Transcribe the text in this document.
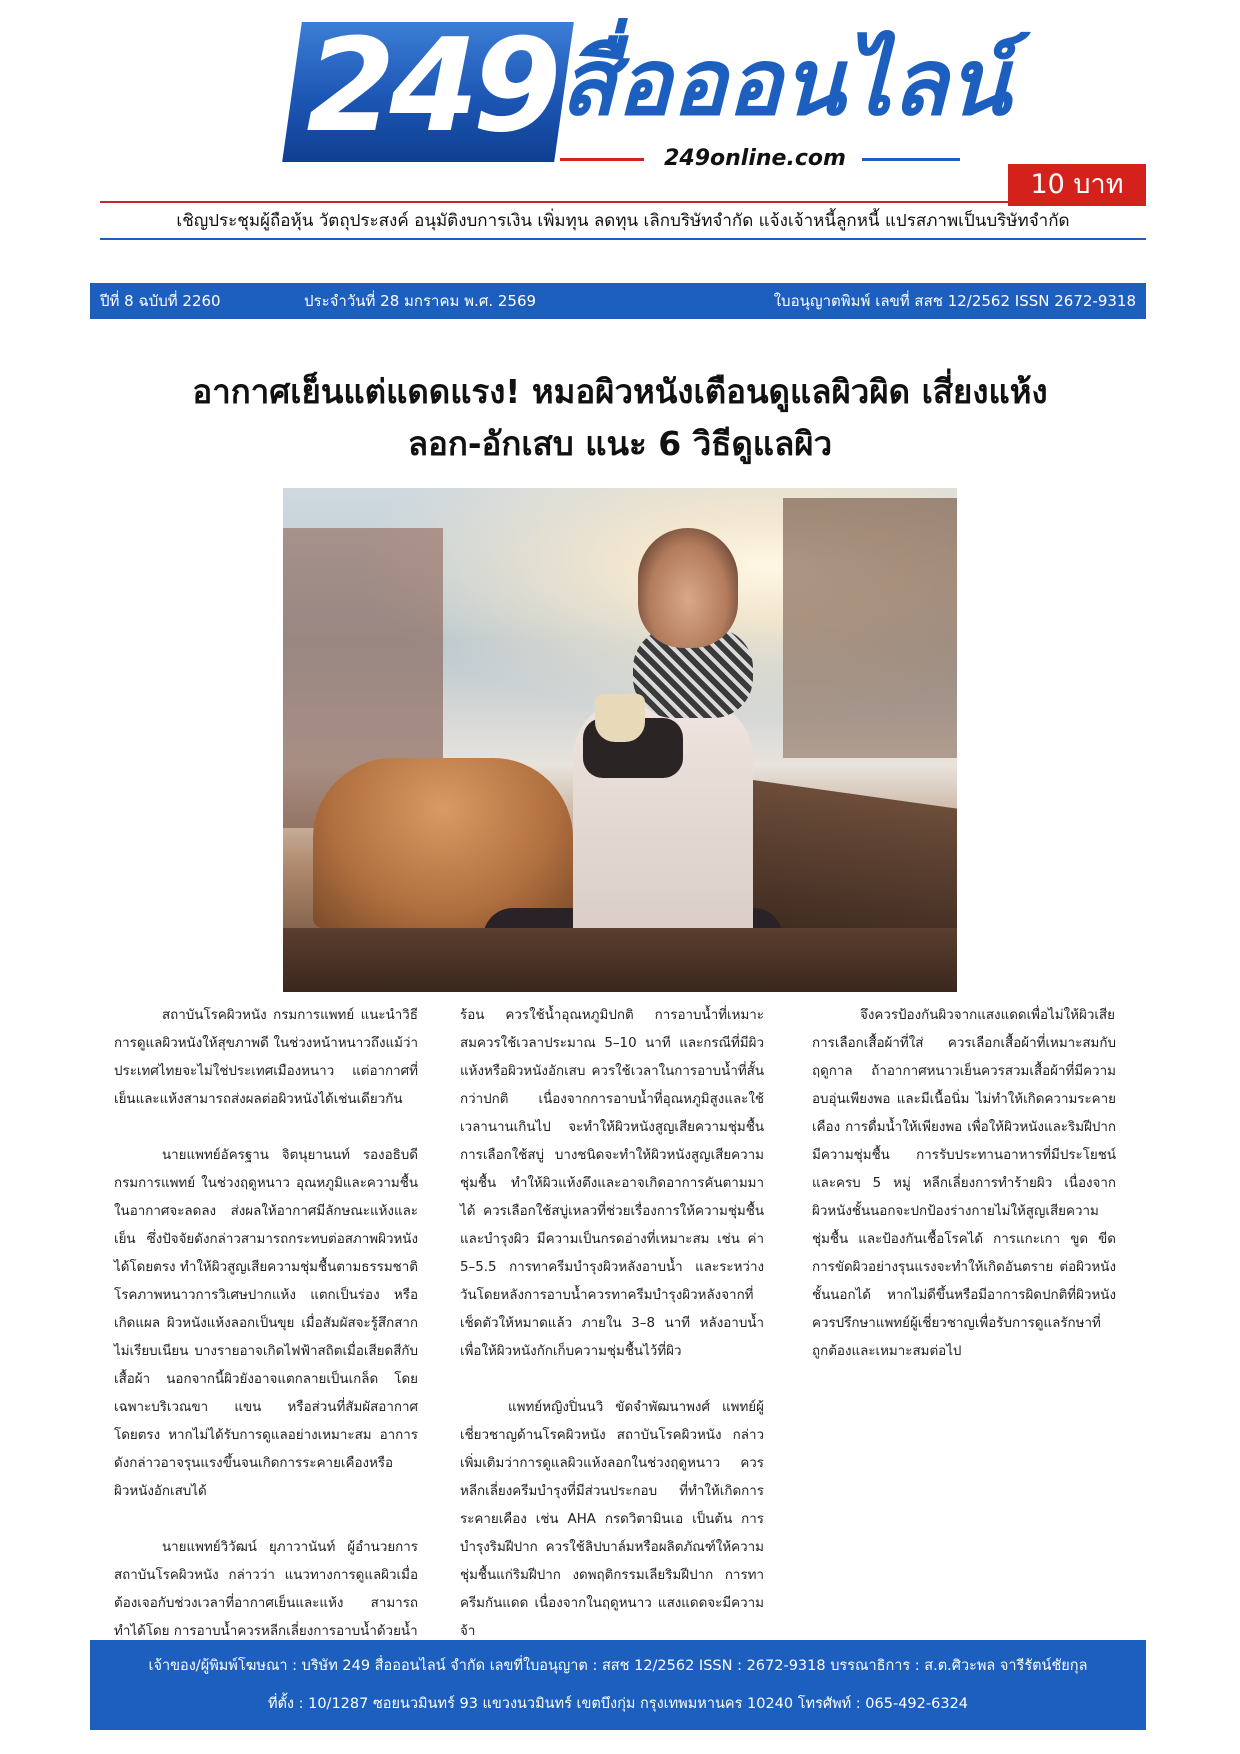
249 สื่อออนไลน์
249online.com
10 บาท
เชิญประชุมผู้ถือหุ้น วัตถุประสงค์ อนุมัติงบการเงิน เพิ่มทุน ลดทุน เลิกบริษัทจำกัด แจ้งเจ้าหนี้ลูกหนี้ แปรสภาพเป็นบริษัทจำกัด
ปีที่ 8 ฉบับที่ 2260	ประจำวันที่ 28 มกราคม พ.ศ. 2569	ใบอนุญาตพิมพ์ เลขที่ สสช 12/2562 ISSN 2672-9318
อากาศเย็นแต่แดดแรง! หมอผิวหนังเตือนดูแลผิวผิด เสี่ยงแห้ง
ลอก-อักเสบ แนะ 6 วิธีดูแลผิว

สถาบันโรคผิวหนัง กรมการแพทย์ แนะนำวิธีการดูแลผิวหนังให้สุขภาพดี ในช่วงหน้าหนาวถึงแม้ว่าประเทศไทยจะไม่ใช่ประเทศเมืองหนาว แต่อากาศที่เย็นและแห้งสามารถส่งผลต่อผิวหนังได้เช่นเดียวกัน

นายแพทย์อัครฐาน จิตนุยานนท์ รองอธิบดีกรมการแพทย์ ในช่วงฤดูหนาว อุณหภูมิและความชื้นในอากาศจะลดลง ส่งผลให้อากาศมีลักษณะแห้งและเย็น ซึ่งปัจจัยดังกล่าวสามารถกระทบต่อสภาพผิวหนังได้โดยตรง ทำให้ผิวสูญเสียความชุ่มชื้นตามธรรมชาติ โรคภาพหนาวการวิเศษปากแห้ง แตกเป็นร่อง หรือเกิดแผล ผิวหนังแห้งลอกเป็นขุย เมื่อสัมผัสจะรู้สึกสาก ไม่เรียบเนียน บางรายอาจเกิดไฟฟ้าสถิตเมื่อเสียดสีกับเสื้อผ้า นอกจากนี้ผิวยังอาจแตกลายเป็นเกล็ด โดยเฉพาะบริเวณขา แขน หรือส่วนที่สัมผัสอากาศโดยตรง หากไม่ได้รับการดูแลอย่างเหมาะสม อาการดังกล่าวอาจรุนแรงขึ้นจนเกิดการระคายเคืองหรือผิวหนังอักเสบได้

นายแพทย์วิวัฒน์ ยุภาวานันท์ ผู้อำนวยการสถาบันโรคผิวหนัง กล่าวว่า แนวทางการดูแลผิวเมื่อต้องเจอกับช่วงเวลาที่อากาศเย็นและแห้ง สามารถทำได้โดย การอาบน้ำควรหลีกเลี่ยงการอาบน้ำด้วยน้ำ

ร้อน ควรใช้น้ำอุณหภูมิปกติ การอาบน้ำที่เหมาะสมควรใช้เวลาประมาณ 5–10 นาที และกรณีที่มีผิวแห้งหรือผิวหนังอักเสบ ควรใช้เวลาในการอาบน้ำที่สั้นกว่าปกติ เนื่องจากการอาบน้ำที่อุณหภูมิสูงและใช้เวลานานเกินไป จะทำให้ผิวหนังสูญเสียความชุ่มชื้น การเลือกใช้สบู่ บางชนิดจะทำให้ผิวหนังสูญเสียความชุ่มชื้น ทำให้ผิวแห้งตึงและอาจเกิดอาการคันตามมาได้ ควรเลือกใช้สบู่เหลวที่ช่วยเรื่องการให้ความชุ่มชื้นและบำรุงผิว มีความเป็นกรดอ่างที่เหมาะสม เช่น ค่า 5–5.5 การทาครีมบำรุงผิวหลังอาบน้ำ และระหว่างวันโดยหลังการอาบน้ำควรทาครีมบำรุงผิวหลังจากที่เช็ดตัวให้หมาดแล้ว ภายใน 3–8 นาที หลังอาบน้ำ เพื่อให้ผิวหนังกักเก็บความชุ่มชื้นไว้ที่ผิว

แพทย์หญิงปิ่นนวิ ขัดจำพัฒนาพงศ์ แพทย์ผู้เชี่ยวชาญด้านโรคผิวหนัง สถาบันโรคผิวหนัง กล่าวเพิ่มเติมว่าการดูแลผิวแห้งลอกในช่วงฤดูหนาว ควรหลีกเลี่ยงครีมบำรุงที่มีส่วนประกอบ ที่ทำให้เกิดการระคายเคือง เช่น AHA กรดวิตามินเอ เป็นต้น การบำรุงริมฝีปาก ควรใช้ลิปบาล์มหรือผลิตภัณฑ์ให้ความชุ่มชื้นแก่ริมฝีปาก งดพฤติกรรมเลียริมฝีปาก การทาครีมกันแดด เนื่องจากในฤดูหนาว แสงแดดจะมีความจ้า

จึงควรป้องกันผิวจากแสงแดดเพื่อไม่ให้ผิวเสีย การเลือกเสื้อผ้าที่ใส่ ควรเลือกเสื้อผ้าที่เหมาะสมกับฤดูกาล ถ้าอากาศหนาวเย็นควรสวมเสื้อผ้าที่มีความอบอุ่นเพียงพอ และมีเนื้อนิ่ม ไม่ทำให้เกิดความระคายเคือง การดื่มน้ำให้เพียงพอ เพื่อให้ผิวหนังและริมฝีปาก มีความชุ่มชื้น การรับประทานอาหารที่มีประโยชน์ และครบ 5 หมู่ หลีกเลี่ยงการทำร้ายผิว เนื่องจากผิวหนังชั้นนอกจะปกป้องร่างกายไม่ให้สูญเสียความชุ่มชื้น และป้องกันเชื้อโรคได้ การแกะเกา ขูด ขีด การขัดผิวอย่างรุนแรงจะทำให้เกิดอันตราย ต่อผิวหนังชั้นนอกได้ หากไม่ดีขึ้นหรือมีอาการผิดปกติที่ผิวหนังควรปรึกษาแพทย์ผู้เชี่ยวชาญเพื่อรับการดูแลรักษาที่ถูกต้องและเหมาะสมต่อไป

เจ้าของ/ผู้พิมพ์โฆษณา : บริษัท 249 สื่อออนไลน์ จำกัด เลขที่ใบอนุญาต : สสช 12/2562 ISSN : 2672-9318 บรรณาธิการ : ส.ต.ศิวะพล จารีรัตน์ชัยกุล
ที่ตั้ง : 10/1287 ซอยนวมินทร์ 93 แขวงนวมินทร์ เขตบึงกุ่ม กรุงเทพมหานคร 10240 โทรศัพท์ : 065-492-6324
